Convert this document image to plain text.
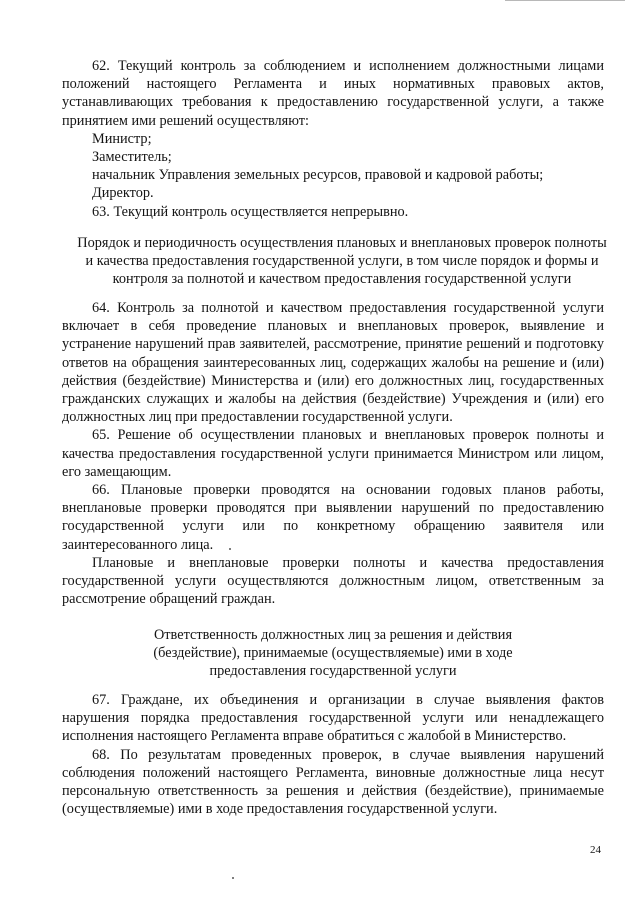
62. Текущий контроль за соблюдением и исполнением должностными лицами положений настоящего Регламента и иных нормативных правовых актов, устанавливающих требования к предоставлению государственной услуги, а также принятием ими решений осуществляют:

Министр;

Заместитель;

начальник Управления земельных ресурсов, правовой и кадровой работы;

Директор.

63. Текущий контроль осуществляется непрерывно.

Порядок и периодичность осуществления плановых и внеплановых проверок полноты и качества предоставления государственной услуги, в том числе порядок и формы и контроля за полнотой и качеством предоставления государственной услуги

64. Контроль за полнотой и качеством предоставления государственной услуги включает в себя проведение плановых и внеплановых проверок, выявление и устранение нарушений прав заявителей, рассмотрение, принятие решений и подготовку ответов на обращения заинтересованных лиц, содержащих жалобы на решение и (или) действия (бездействие) Министерства и (или) его должностных лиц, государственных гражданских служащих и жалобы на действия (бездействие) Учреждения и (или) его должностных лиц при предоставлении государственной услуги.

65. Решение об осуществлении плановых и внеплановых проверок полноты и качества предоставления государственной услуги принимается Министром или лицом, его замещающим.

66. Плановые проверки проводятся на основании годовых планов работы, внеплановые проверки проводятся при выявлении нарушений по предоставлению государственной услуги или по конкретному обращению заявителя или заинтересованного лица.

Плановые и внеплановые проверки полноты и качества предоставления государственной услуги осуществляются должностным лицом, ответственным за рассмотрение обращений граждан.

Ответственность должностных лиц за решения и действия
(бездействие), принимаемые (осуществляемые) ими в ходе
предоставления государственной услуги

67. Граждане, их объединения и организации в случае выявления фактов нарушения порядка предоставления государственной услуги или ненадлежащего исполнения настоящего Регламента вправе обратиться с жалобой в Министерство.

68. По результатам проведенных проверок, в случае выявления нарушений соблюдения положений настоящего Регламента, виновные должностные лица несут персональную ответственность за решения и действия (бездействие), принимаемые (осуществляемые) ими в ходе предоставления государственной услуги.

24
